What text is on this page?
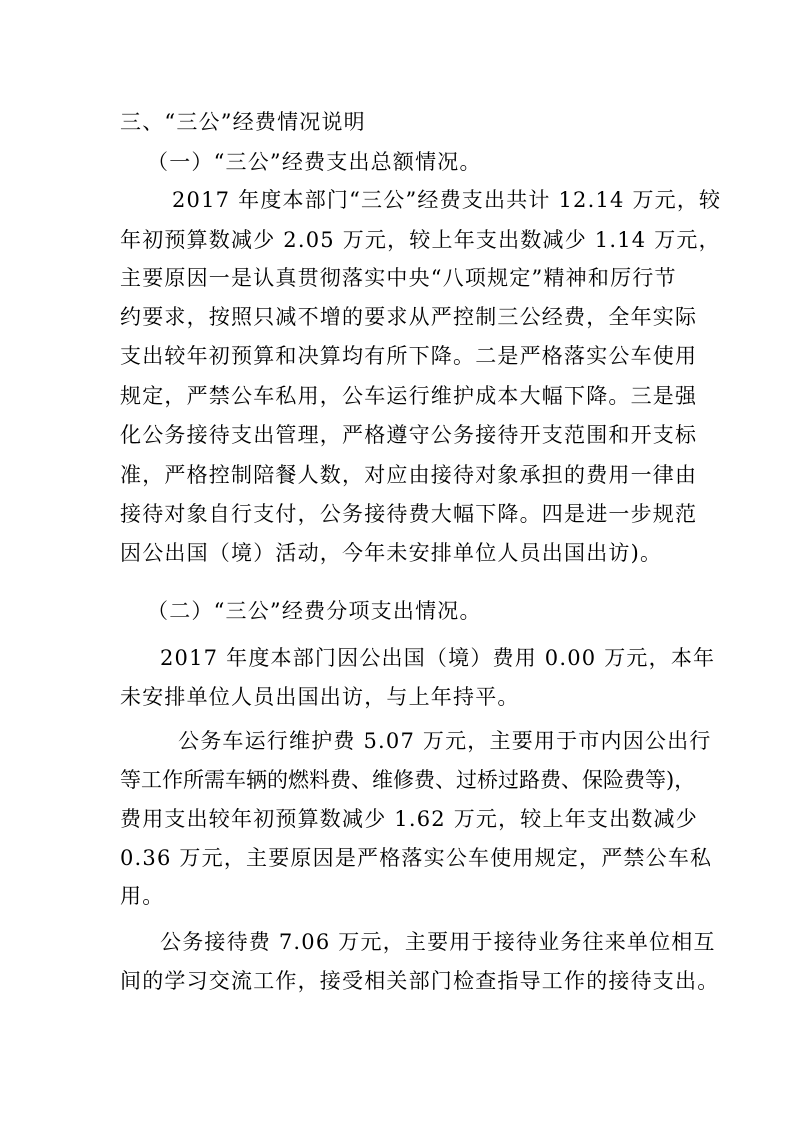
三、“三公”经费情况说明
（一）“三公”经费支出总额情况。
2017 年度本部门“三公”经费支出共计 12.14 万元，较
年初预算数减少 2.05 万元，较上年支出数减少 1.14 万元，
主要原因一是认真贯彻落实中央“八项规定”精神和厉行节
约要求，按照只减不增的要求从严控制三公经费，全年实际
支出较年初预算和决算均有所下降。二是严格落实公车使用
规定，严禁公车私用，公车运行维护成本大幅下降。三是强
化公务接待支出管理，严格遵守公务接待开支范围和开支标
准，严格控制陪餐人数，对应由接待对象承担的费用一律由
接待对象自行支付，公务接待费大幅下降。四是进一步规范
因公出国（境）活动，今年未安排单位人员出国出访)。
（二）“三公”经费分项支出情况。
2017 年度本部门因公出国（境）费用 0.00 万元，本年
未安排单位人员出国出访，与上年持平。
公务车运行维护费 5.07 万元，主要用于市内因公出行
等工作所需车辆的燃料费、维修费、过桥过路费、保险费等)，
费用支出较年初预算数减少 1.62 万元，较上年支出数减少
0.36 万元，主要原因是严格落实公车使用规定，严禁公车私
用。
公务接待费 7.06 万元，主要用于接待业务往来单位相互
间的学习交流工作，接受相关部门检查指导工作的接待支出。
